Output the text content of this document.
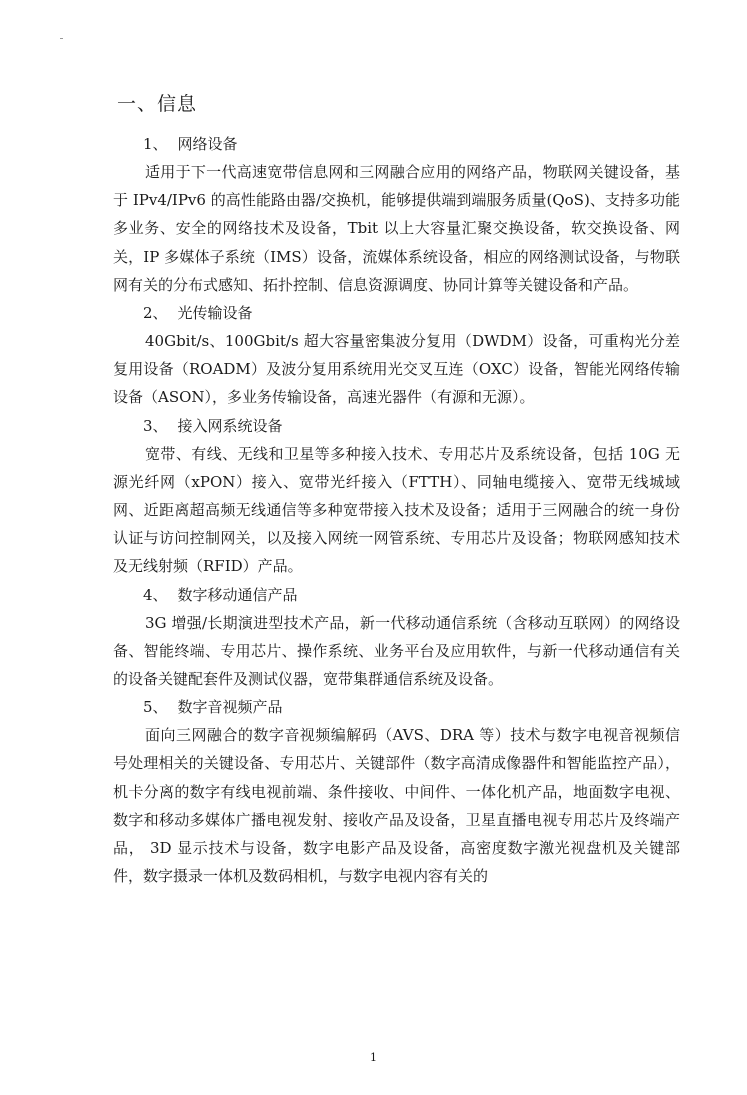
一、信息
1、 网络设备

适用于下一代高速宽带信息网和三网融合应用的网络产品，物联网关键设备，基于 IPv4/IPv6 的高性能路由器/交换机，能够提供端到端服务质量(QoS)、支持多功能多业务、安全的网络技术及设备，Tbit 以上大容量汇聚交换设备，软交换设备、网关，IP 多媒体子系统（IMS）设备，流媒体系统设备，相应的网络测试设备，与物联网有关的分布式感知、拓扑控制、信息资源调度、协同计算等关键设备和产品。

2、 光传输设备

40Gbit/s、100Gbit/s 超大容量密集波分复用（DWDM）设备，可重构光分差复用设备（ROADM）及波分复用系统用光交叉互连（OXC）设备，智能光网络传输设备（ASON），多业务传输设备，高速光器件（有源和无源）。

3、 接入网系统设备

宽带、有线、无线和卫星等多种接入技术、专用芯片及系统设备，包括 10G 无源光纤网（xPON）接入、宽带光纤接入（FTTH）、同轴电缆接入、宽带无线城域网、近距离超高频无线通信等多种宽带接入技术及设备；适用于三网融合的统一身份认证与访问控制网关，以及接入网统一网管系统、专用芯片及设备；物联网感知技术及无线射频（RFID）产品。

4、 数字移动通信产品

3G 增强/长期演进型技术产品，新一代移动通信系统（含移动互联网）的网络设备、智能终端、专用芯片、操作系统、业务平台及应用软件，与新一代移动通信有关的设备关键配套件及测试仪器，宽带集群通信系统及设备。

5、 数字音视频产品

面向三网融合的数字音视频编解码（AVS、DRA 等）技术与数字电视音视频信号处理相关的关键设备、专用芯片、关键部件（数字高清成像器件和智能监控产品），机卡分离的数字有线电视前端、条件接收、中间件、一体化机产品，地面数字电视、数字和移动多媒体广播电视发射、接收产品及设备，卫星直播电视专用芯片及终端产品， 3D 显示技术与设备，数字电影产品及设备，高密度数字激光视盘机及关键部件，数字摄录一体机及数码相机，与数字电视内容有关的

1
